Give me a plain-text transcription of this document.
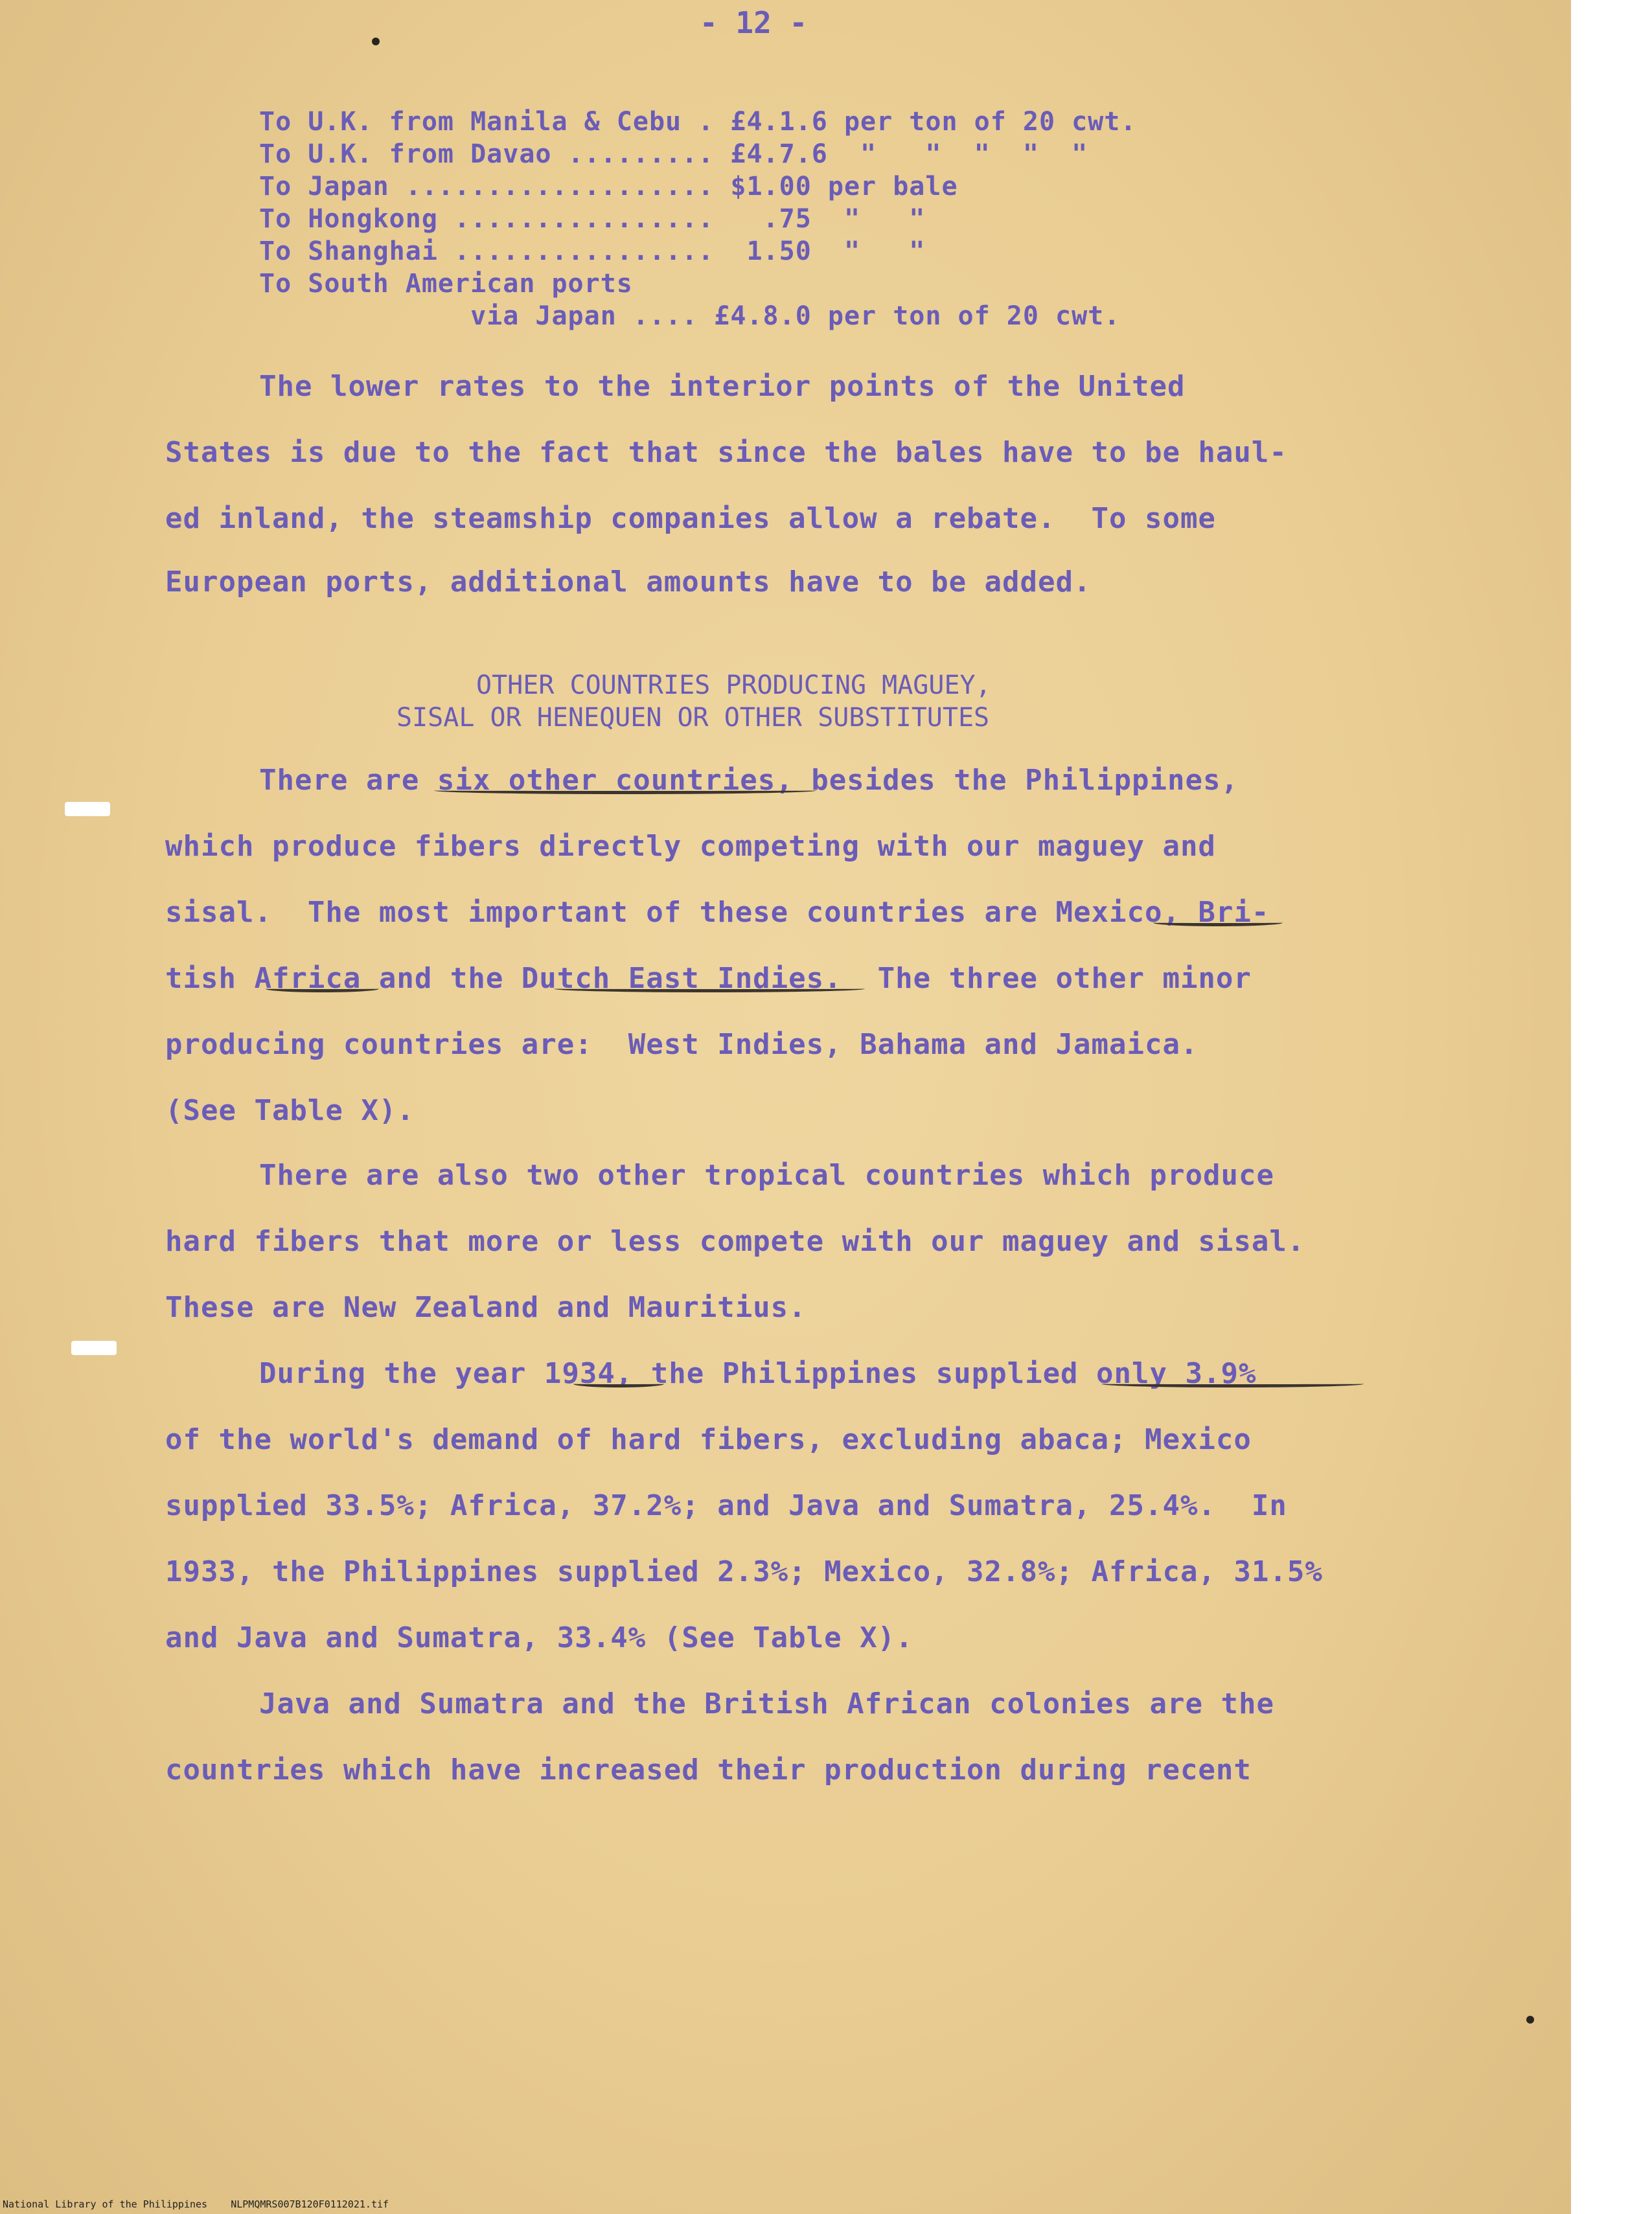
- 12 -
To U.K. from Manila & Cebu . £4.1.6 per ton of 20 cwt.
To U.K. from Davao ......... £4.7.6  "   "  "  "  "
To Japan ................... $1.00 per bale
To Hongkong ................   .75  "   "
To Shanghai ................  1.50  "   "
To South American ports
via Japan .... £4.8.0 per ton of 20 cwt.
The lower rates to the interior points of the United
States is due to the fact that since the bales have to be haul-
ed inland, the steamship companies allow a rebate.  To some
European ports, additional amounts have to be added.
OTHER COUNTRIES PRODUCING MAGUEY,
SISAL OR HENEQUEN OR OTHER SUBSTITUTES
There are six other countries, besides the Philippines,
which produce fibers directly competing with our maguey and
sisal.  The most important of these countries are Mexico, Bri-
tish Africa and the Dutch East Indies.  The three other minor
producing countries are:  West Indies, Bahama and Jamaica.
(See Table X).
There are also two other tropical countries which produce
hard fibers that more or less compete with our maguey and sisal.
These are New Zealand and Mauritius.
During the year 1934, the Philippines supplied only 3.9%
of the world's demand of hard fibers, excluding abaca; Mexico
supplied 33.5%; Africa, 37.2%; and Java and Sumatra, 25.4%.  In
1933, the Philippines supplied 2.3%; Mexico, 32.8%; Africa, 31.5%
and Java and Sumatra, 33.4% (See Table X).
Java and Sumatra and the British African colonies are the
countries which have increased their production during recent
National Library of the Philippines    NLPMQMRS007B120F0112021.tif
